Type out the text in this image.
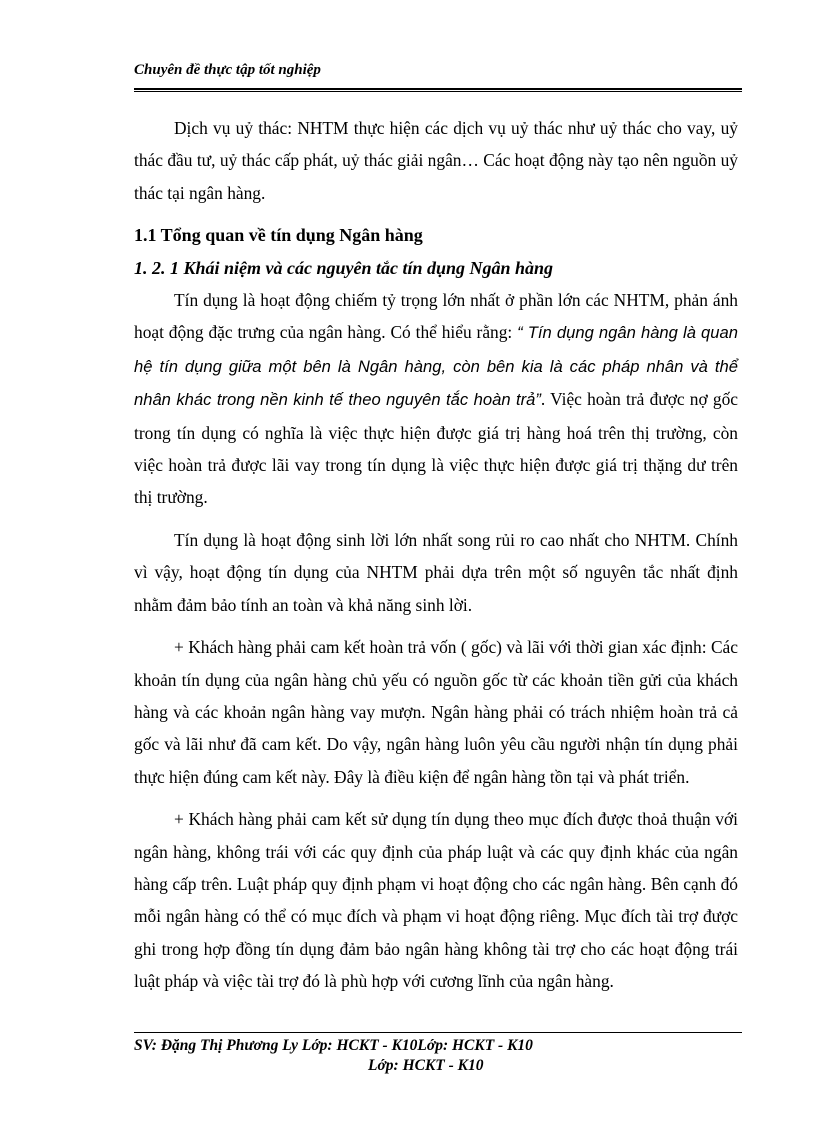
Chuyên đề thực tập tốt nghiệp

Dịch vụ uỷ thác: NHTM thực hiện các dịch vụ uỷ thác như uỷ thác cho vay, uỷ thác đầu tư, uỷ thác cấp phát, uỷ thác giải ngân… Các hoạt động này tạo nên nguồn uỷ thác tại ngân hàng.

1.1 Tổng quan về tín dụng Ngân hàng

1. 2. 1 Khái niệm và các nguyên tắc tín dụng Ngân hàng

Tín dụng là hoạt động chiếm tỷ trọng lớn nhất ở phần lớn các NHTM, phản ánh hoạt động đặc trưng của ngân hàng. Có thể hiểu rằng: “ Tín dụng ngân hàng là quan hệ tín dụng giữa một bên là Ngân hàng, còn bên kia là các pháp nhân và thể nhân khác trong nền kinh tế theo nguyên tắc hoàn trả”. Việc hoàn trả được nợ gốc trong tín dụng có nghĩa là việc thực hiện được giá trị hàng hoá trên thị trường, còn việc hoàn trả được lãi vay trong tín dụng là việc thực hiện được giá trị thặng dư trên thị trường.

Tín dụng là hoạt động sinh lời lớn nhất song rủi ro cao nhất cho NHTM. Chính vì vậy, hoạt động tín dụng của NHTM phải dựa trên một số nguyên tắc nhất định nhằm đảm bảo tính an toàn và khả năng sinh lời.

+ Khách hàng phải cam kết hoàn trả vốn ( gốc) và lãi với thời gian xác định: Các khoản tín dụng của ngân hàng chủ yếu có nguồn gốc từ các khoản tiền gửi của khách hàng và các khoản ngân hàng vay mượn. Ngân hàng phải có trách nhiệm hoàn trả cả gốc và lãi như đã cam kết. Do vậy, ngân hàng luôn yêu cầu người nhận tín dụng phải thực hiện đúng cam kết này. Đây là điều kiện để ngân hàng tồn tại và phát triển.

+ Khách hàng phải cam kết sử dụng tín dụng theo mục đích được thoả thuận với ngân hàng, không trái với các quy định của pháp luật và các quy định khác của ngân hàng cấp trên. Luật pháp quy định phạm vi hoạt động cho các ngân hàng. Bên cạnh đó mỗi ngân hàng có thể có mục đích và phạm vi hoạt động riêng. Mục đích tài trợ được ghi trong hợp đồng tín dụng đảm bảo ngân hàng không tài trợ cho các hoạt động trái luật pháp và việc tài trợ đó là phù hợp với cương lĩnh của ngân hàng.

SV: Đặng Thị Phương Ly Lớp: HCKT - K10Lớp: HCKT - K10
Lớp: HCKT - K10
